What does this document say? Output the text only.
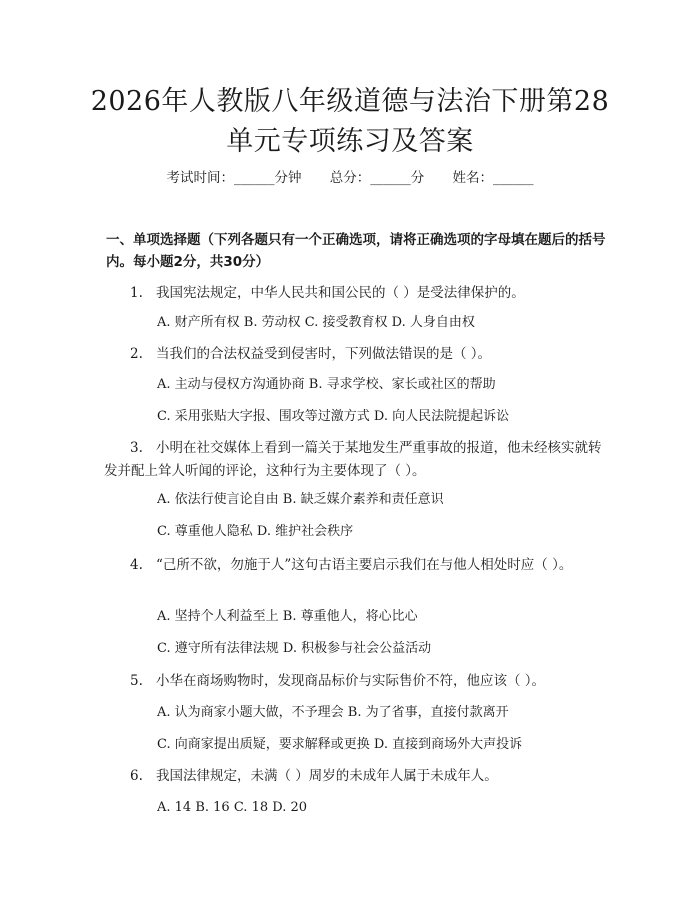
2026年人教版八年级道德与法治下册第28
单元专项练习及答案
考试时间：______分钟 总分：______分 姓名：______
一、单项选择题（下列各题只有一个正确选项，请将正确选项的字母填在题后的括号内。每小题2分，共30分）
1. 我国宪法规定，中华人民共和国公民的（ ）是受法律保护的。
A. 财产所有权 B. 劳动权 C. 接受教育权 D. 人身自由权
2. 当我们的合法权益受到侵害时，下列做法错误的是（ ）。
A. 主动与侵权方沟通协商 B. 寻求学校、家长或社区的帮助
C. 采用张贴大字报、围攻等过激方式 D. 向人民法院提起诉讼
3. 小明在社交媒体上看到一篇关于某地发生严重事故的报道，他未经核实就转发并配上耸人听闻的评论，这种行为主要体现了（ ）。
A. 依法行使言论自由 B. 缺乏媒介素养和责任意识
C. 尊重他人隐私 D. 维护社会秩序
4. “己所不欲，勿施于人”这句古语主要启示我们在与他人相处时应（ ）。
A. 坚持个人利益至上 B. 尊重他人，将心比心
C. 遵守所有法律法规 D. 积极参与社会公益活动
5. 小华在商场购物时，发现商品标价与实际售价不符，他应该（ ）。
A. 认为商家小题大做，不予理会 B. 为了省事，直接付款离开
C. 向商家提出质疑，要求解释或更换 D. 直接到商场外大声投诉
6. 我国法律规定，未满（ ）周岁的未成年人属于未成年人。
A. 14 B. 16 C. 18 D. 20
